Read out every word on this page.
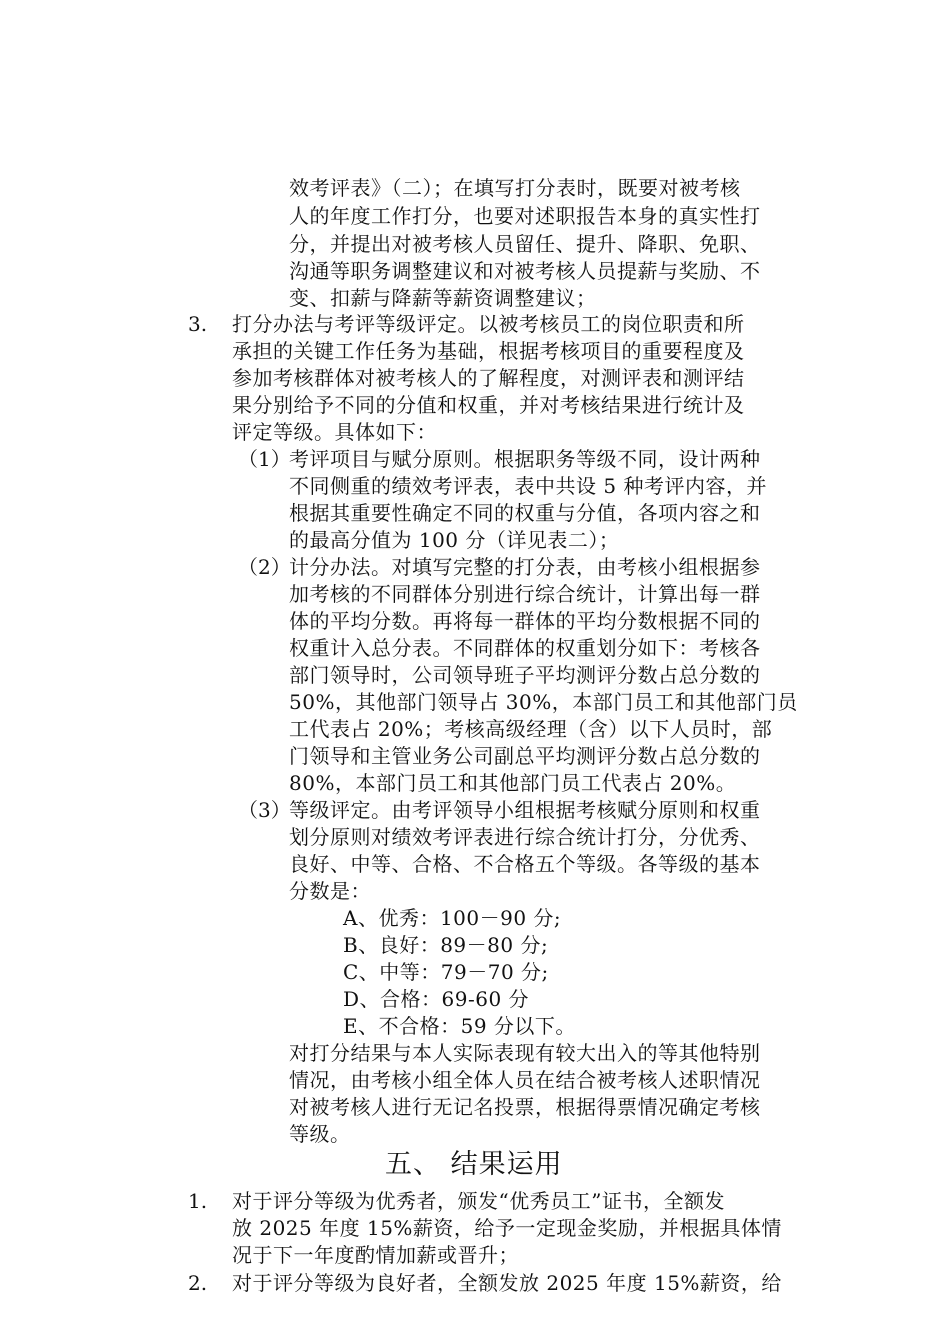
效考评表》（二）；在填写打分表时，既要对被考核
人的年度工作打分，也要对述职报告本身的真实性打
分，并提出对被考核人员留任、提升、降职、免职、
沟通等职务调整建议和对被考核人员提薪与奖励、不
变、扣薪与降薪等薪资调整建议；
3. 打分办法与考评等级评定。以被考核员工的岗位职责和所
承担的关键工作任务为基础，根据考核项目的重要程度及
参加考核群体对被考核人的了解程度，对测评表和测评结
果分别给予不同的分值和权重，并对考核结果进行统计及
评定等级。具体如下：
（1）
考评项目与赋分原则。根据职务等级不同，设计两种
不同侧重的绩效考评表，表中共设 5 种考评内容，并
根据其重要性确定不同的权重与分值，各项内容之和
的最高分值为 100 分（详见表二）；
（2）
计分办法。对填写完整的打分表，由考核小组根据参
加考核的不同群体分别进行综合统计，计算出每一群
体的平均分数。再将每一群体的平均分数根据不同的
权重计入总分表。不同群体的权重划分如下：考核各
部门领导时，公司领导班子平均测评分数占总分数的
50%，其他部门领导占 30%，本部门员工和其他部门员
工代表占 20%；考核高级经理（含）以下人员时，部
门领导和主管业务公司副总平均测评分数占总分数的
80%，本部门员工和其他部门员工代表占 20%。
（3）
等级评定。由考评领导小组根据考核赋分原则和权重
划分原则对绩效考评表进行综合统计打分，分优秀、
良好、中等、合格、不合格五个等级。各等级的基本
分数是：
A、优秀：100－90 分;
B、良好：89－80 分;
C、中等：79－70 分;
D、合格：69-60 分
E、不合格：59 分以下。
对打分结果与本人实际表现有较大出入的等其他特别
情况，由考核小组全体人员在结合被考核人述职情况
对被考核人进行无记名投票，根据得票情况确定考核
等级。
五、 结果运用
1. 对于评分等级为优秀者，颁发“优秀员工”证书，全额发
放 2025 年度 15%薪资，给予一定现金奖励，并根据具体情
况于下一年度酌情加薪或晋升；
2. 对于评分等级为良好者，全额发放 2025 年度 15%薪资，给
